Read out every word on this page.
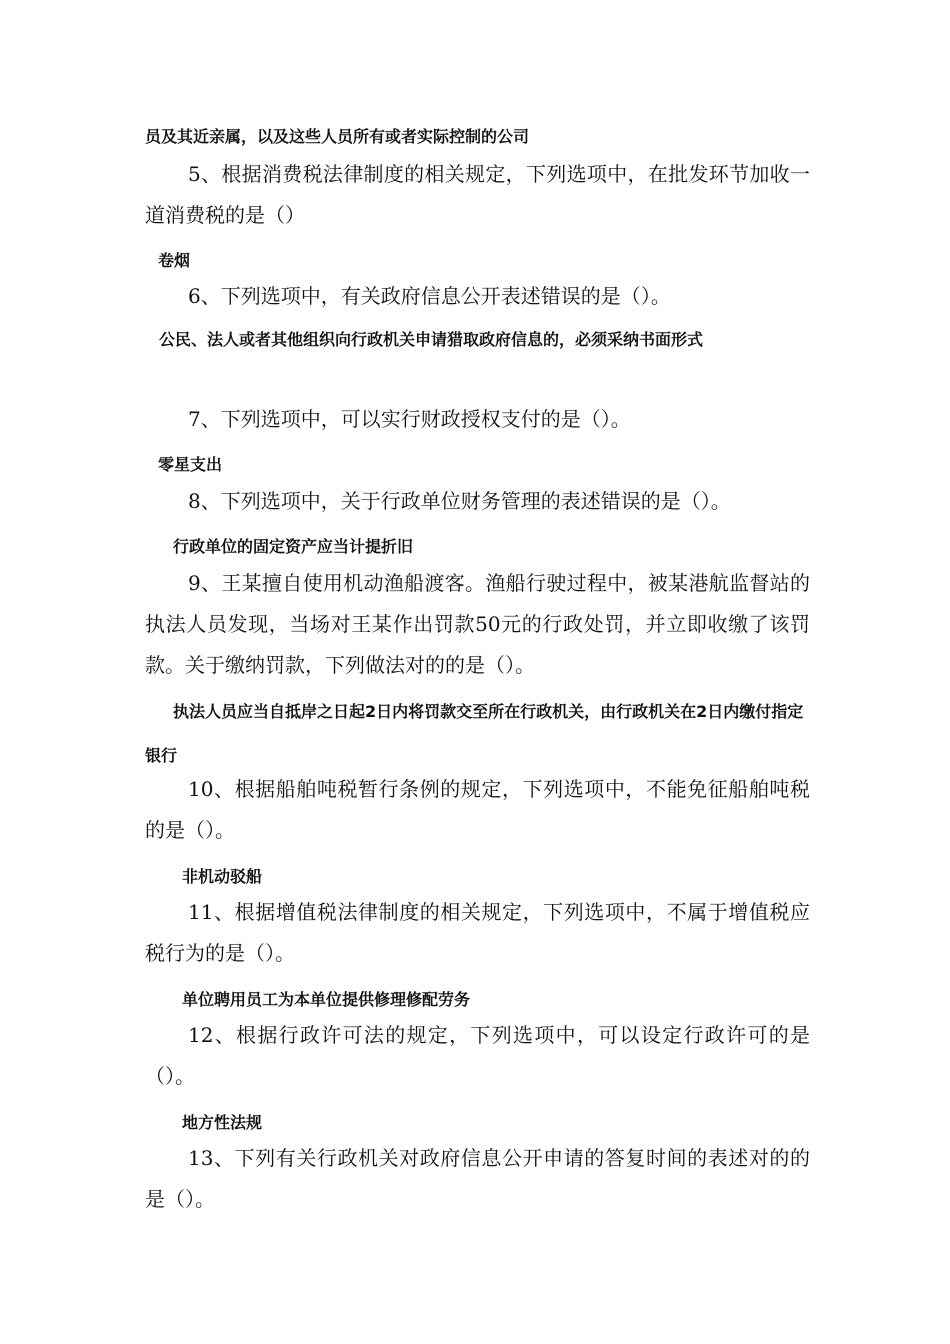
员及其近亲属，以及这些人员所有或者实际控制的公司

5、根据消费税法律制度的相关规定，下列选项中，在批发环节加收一道消费税的是（）

卷烟

6、下列选项中，有关政府信息公开表述错误的是（）。

公民、法人或者其他组织向行政机关申请猎取政府信息的，必须采纳书面形式

7、下列选项中，可以实行财政授权支付的是（）。

零星支出

8、下列选项中，关于行政单位财务管理的表述错误的是（）。

行政单位的固定资产应当计提折旧

9、王某擅自使用机动渔船渡客。渔船行驶过程中，被某港航监督站的执法人员发现，当场对王某作出罚款50元的行政处罚，并立即收缴了该罚款。关于缴纳罚款，下列做法对的的是（）。

执法人员应当自抵岸之日起2日内将罚款交至所在行政机关，由行政机关在2日内缴付指定银行

10、根据船舶吨税暂行条例的规定，下列选项中，不能免征船舶吨税的是（）。

非机动驳船

11、根据增值税法律制度的相关规定，下列选项中，不属于增值税应税行为的是（）。

单位聘用员工为本单位提供修理修配劳务

12、根据行政许可法的规定，下列选项中，可以设定行政许可的是（）。

地方性法规

13、下列有关行政机关对政府信息公开申请的答复时间的表述对的的是（）。
